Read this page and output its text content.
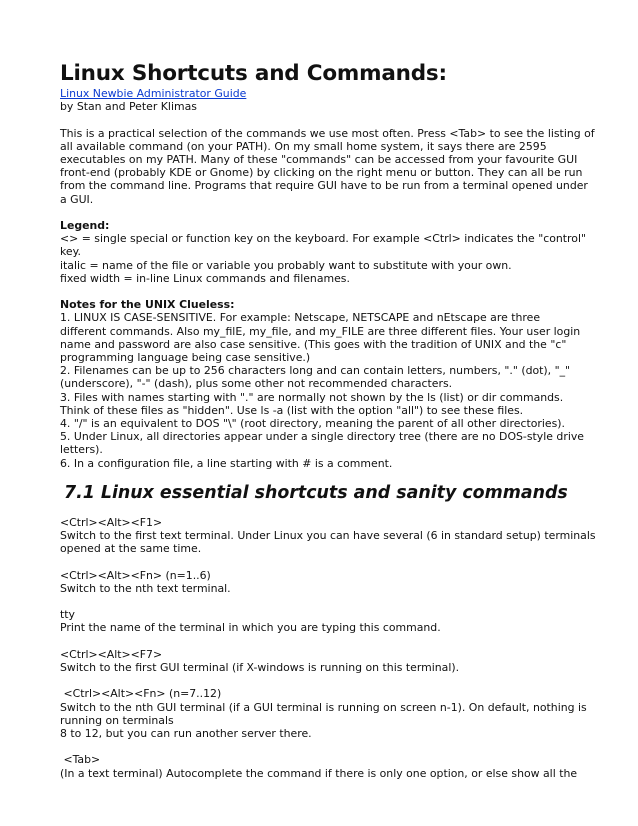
Linux Shortcuts and Commands:

Linux Newbie Administrator Guide

by Stan and Peter Klimas

This is a practical selection of the commands we use most often. Press <Tab> to see the listing of

all available command (on your PATH). On my small home system, it says there are 2595

executables on my PATH. Many of these "commands" can be accessed from your favourite GUI

front-end (probably KDE or Gnome) by clicking on the right menu or button. They can all be run

from the command line. Programs that require GUI have to be run from a terminal opened under

a GUI.

Legend:

<> = single special or function key on the keyboard. For example <Ctrl> indicates the "control"

key.

italic = name of the file or variable you probably want to substitute with your own.

fixed width = in-line Linux commands and filenames.

Notes for the UNIX Clueless:

1. LINUX IS CASE-SENSITIVE. For example: Netscape, NETSCAPE and nEtscape are three

different commands. Also my_filE, my_file, and my_FILE are three different files. Your user login

name and password are also case sensitive. (This goes with the tradition of UNIX and the "c"

programming language being case sensitive.)

2. Filenames can be up to 256 characters long and can contain letters, numbers, "." (dot), "_"

(underscore), "-" (dash), plus some other not recommended characters.

3. Files with names starting with "." are normally not shown by the ls (list) or dir commands.

Think of these files as "hidden". Use ls -a (list with the option "all") to see these files.

4. "/" is an equivalent to DOS "\" (root directory, meaning the parent of all other directories).

5. Under Linux, all directories appear under a single directory tree (there are no DOS-style drive

letters).

6. In a configuration file, a line starting with # is a comment.

7.1 Linux essential shortcuts and sanity commands

<Ctrl><Alt><F1>

Switch to the first text terminal. Under Linux you can have several (6 in standard setup) terminals

opened at the same time.

<Ctrl><Alt><Fn> (n=1..6)

Switch to the nth text terminal.

tty

Print the name of the terminal in which you are typing this command.

<Ctrl><Alt><F7>

Switch to the first GUI terminal (if X-windows is running on this terminal).

<Ctrl><Alt><Fn> (n=7..12)

Switch to the nth GUI terminal (if a GUI terminal is running on screen n-1). On default, nothing is

running on terminals

8 to 12, but you can run another server there.

<Tab>

(In a text terminal) Autocomplete the command if there is only one option, or else show all the
